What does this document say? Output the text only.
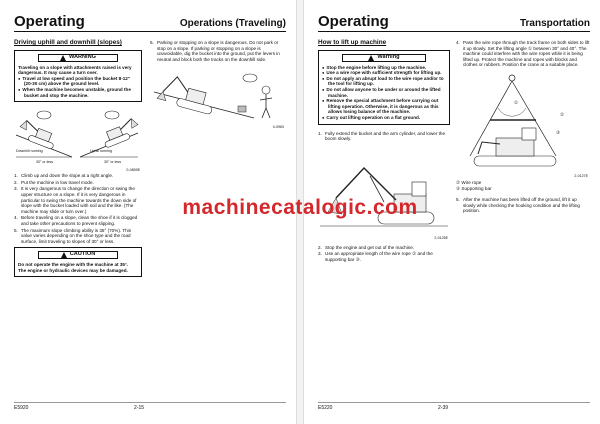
Operating	Operations (Traveling)
Driving uphill and downhill (slopes)
WARNING
Traveling on a slope with attachments raised is very dangerous. It may cause a turn over.
● Travel at low speed and position the bucket 8-12" (20-30 cm) above the ground level.
● When the machine becomes unstable, ground the bucket and stop the machine.
Downhill running	Uphill running
30° or less	30° or less
0-0859E
1. Climb up and down the slope at a right angle.
2. Put the machine in low travel mode.
3. It is very dangerous to change the direction or swing the upper structure on a slope. If it is very dangerous in particular to swing the machine towards the down side of slope with the bucket loaded with soil and the like. (The machine may slide or turn over.)
4. Before traveling on a slope, clean the shoe if it is clogged and take other precautions to prevent slipping.
5. The maximum slope climbing ability is 35° (70%). This value varies depending on the shoe type and the road surface, limit traveling to slopes of 30° or less.
CAUTION
Do not operate the engine with the machine at 35°.
The engine or hydraulic devices may be damaged.
6. Parking or stopping on a slope is dangerous. Do not park or stop on a slope. If parking or stopping on a slope is unavoidable, dig the bucket into the ground, put the levers in neutral and block both the tracks on the downhill side.
0-0963
E5920	2-15
Operating	Transportation
How to lift up machine
Warning
● Stop the engine before lifting up the machine.
● Use a wire rope with sufficient strength for lifting up.
● Do not apply an abrupt load to the wire rope and/or to the tool for lifting up.
● Do not allow anyone to be under or around the lifted machine.
● Remove the special attachment before carrying out lifting operation. Otherwise, it is dangerous as this allows losing balance of the machine.
● Carry out lifting operation on a flat ground.
1. Fully extend the bucket and the arm cylinder, and lower the boom slowly.
2-0125E
2. Stop the engine and get out of the machine.
3. Use an appropriate length of the wire rope ② and the supporting bar ③.
4. Pass the wire rope through the track frame on both sides to lift it up slowly. Set the lifting angle ① between 30° and 40°. The machine could interfere with the wire ropes while it is being lifted up. Protect the machine and ropes with blocks and clothes or rubbers. Position the crane at a suitable place.
①
②
③
2-0127E
② Wire rope
③ Supporting bar
5. After the machine has been lifted off the ground, lift it up slowly while checking the hooking condition and the lifting position.
E5220	2-39
machinecatalogic.com
